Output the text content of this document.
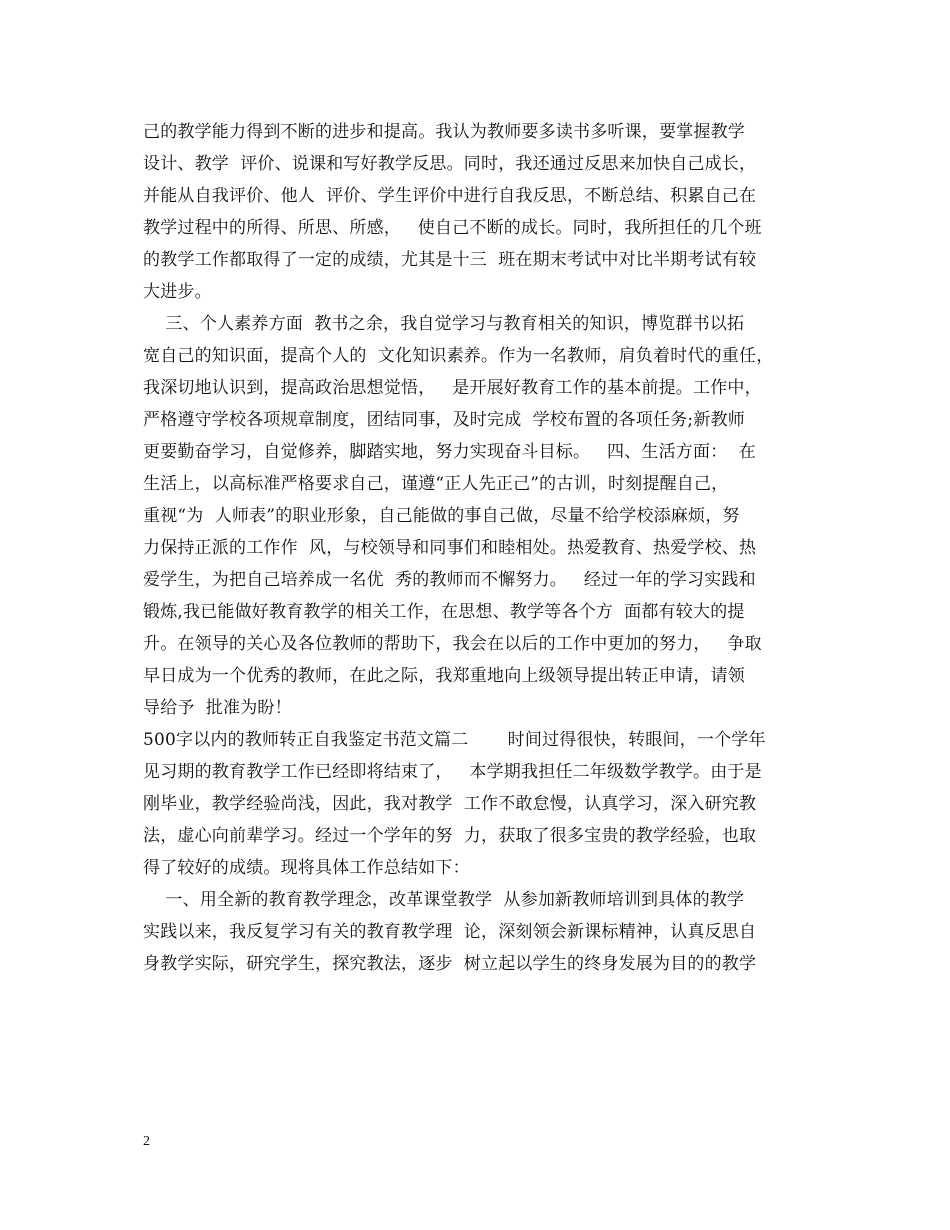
己的教学能力得到不断的进步和提高。我认为教师要多读书多听课，要掌握教学
设计、教学  评价、说课和写好教学反思。同时，我还通过反思来加快自己成长，
并能从自我评价、他人  评价、学生评价中进行自我反思，不断总结、积累自己在
教学过程中的所得、所思、所感，   使自己不断的成长。同时，我所担任的几个班
的教学工作都取得了一定的成绩，尤其是十三  班在期末考试中对比半期考试有较
大进步。
三、个人素养方面  教书之余，我自觉学习与教育相关的知识，博览群书以拓
宽自己的知识面，提高个人的  文化知识素养。作为一名教师，肩负着时代的重任，
我深切地认识到，提高政治思想觉悟，   是开展好教育工作的基本前提。工作中，
严格遵守学校各项规章制度，团结同事，及时完成  学校布置的各项任务;新教师
更要勤奋学习，自觉修养，脚踏实地，努力实现奋斗目标。   四、生活方面：  在
生活上，以高标准严格要求自己，谨遵“正人先正己”的古训，时刻提醒自己，
重视“为  人师表”的职业形象，自己能做的事自己做，尽量不给学校添麻烦，努
力保持正派的工作作  风，与校领导和同事们和睦相处。热爱教育、热爱学校、热
爱学生，为把自己培养成一名优  秀的教师而不懈努力。   经过一年的学习实践和
锻炼,我已能做好教育教学的相关工作，在思想、教学等各个方  面都有较大的提
升。在领导的关心及各位教师的帮助下，我会在以后的工作中更加的努力，   争取
早日成为一个优秀的教师，在此之际，我郑重地向上级领导提出转正申请，请领
导给予  批准为盼！
500字以内的教师转正自我鉴定书范文篇二       时间过得很快，转眼间，一个学年
见习期的教育教学工作已经即将结束了，   本学期我担任二年级数学教学。由于是
刚毕业，教学经验尚浅，因此，我对教学  工作不敢怠慢，认真学习，深入研究教
法，虚心向前辈学习。经过一个学年的努  力，获取了很多宝贵的教学经验，也取
得了较好的成绩。现将具体工作总结如下：
一、用全新的教育教学理念，改革课堂教学  从参加新教师培训到具体的教学
实践以来，我反复学习有关的教育教学理  论，深刻领会新课标精神，认真反思自
身教学实际，研究学生，探究教法，逐步  树立起以学生的终身发展为目的的教学
2
